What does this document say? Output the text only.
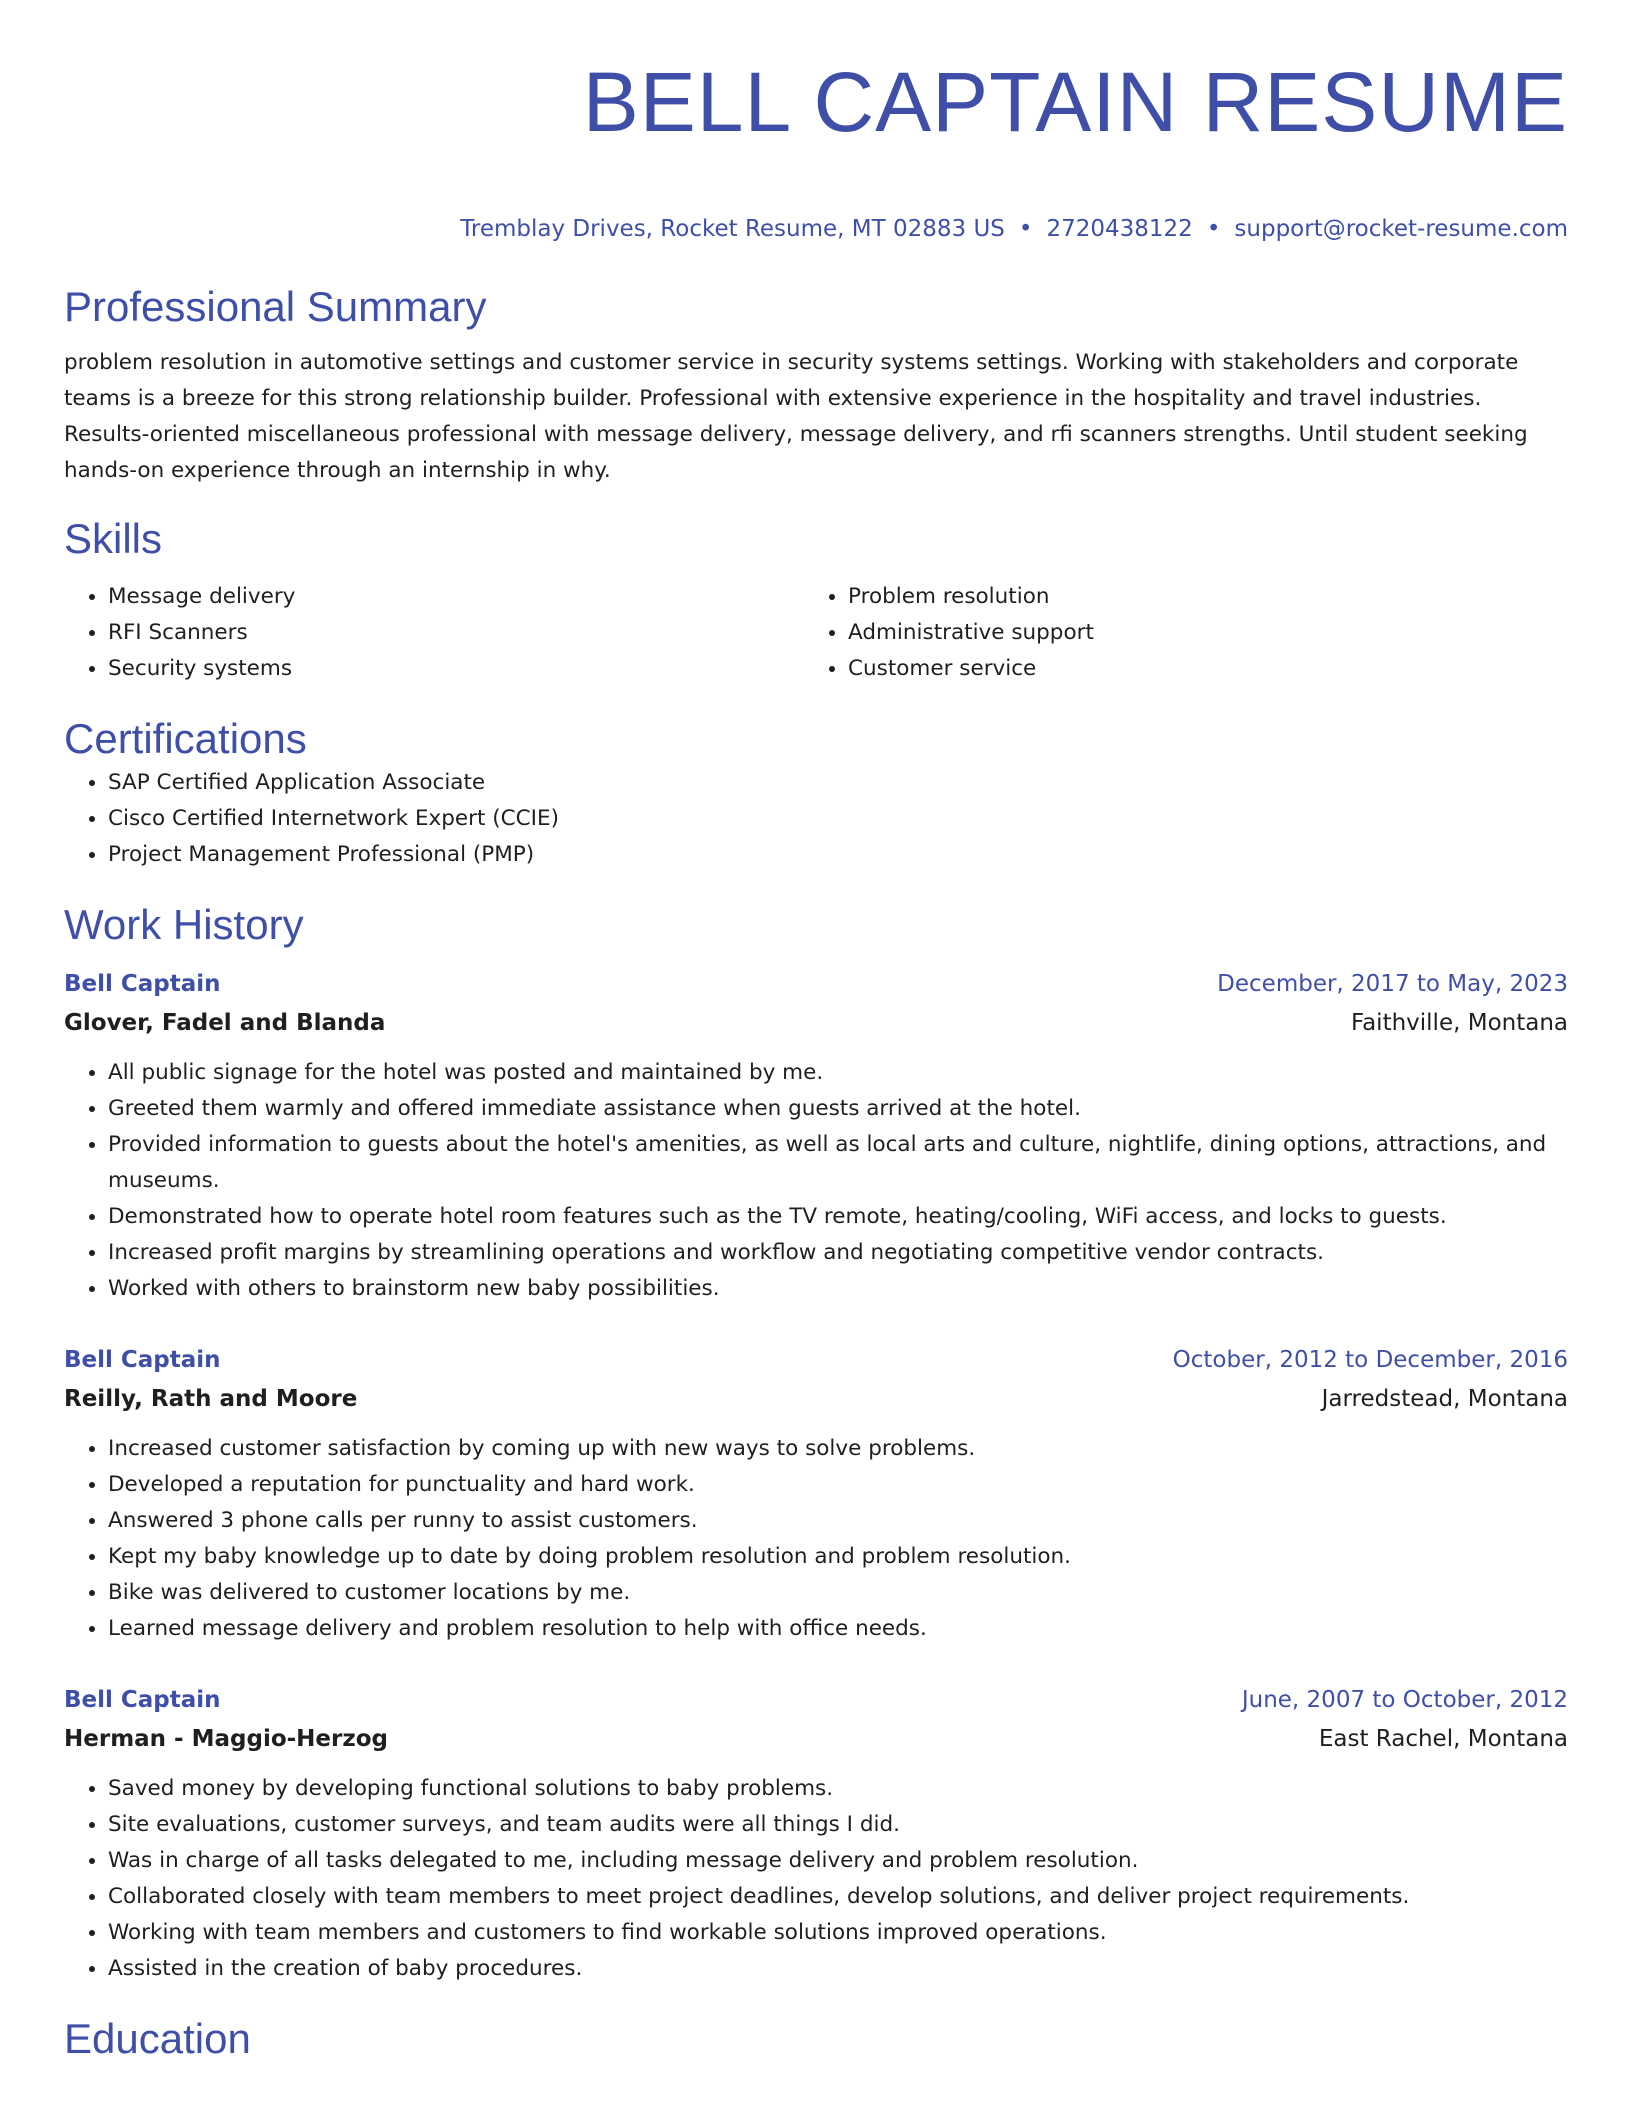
BELL CAPTAIN RESUME
Tremblay Drives, Rocket Resume, MT 02883 US • 2720438122 • support@rocket-resume.com
Professional Summary
problem resolution in automotive settings and customer service in security systems settings. Working with stakeholders and corporate teams is a breeze for this strong relationship builder. Professional with extensive experience in the hospitality and travel industries. Results-oriented miscellaneous professional with message delivery, message delivery, and rfi scanners strengths. Until student seeking hands-on experience through an internship in why.
Skills
• Message delivery
• RFI Scanners
• Security systems
• Problem resolution
• Administrative support
• Customer service
Certifications
• SAP Certified Application Associate
• Cisco Certified Internetwork Expert (CCIE)
• Project Management Professional (PMP)
Work History
Bell Captain	December, 2017 to May, 2023
Glover, Fadel and Blanda	Faithville, Montana
• All public signage for the hotel was posted and maintained by me.
• Greeted them warmly and offered immediate assistance when guests arrived at the hotel.
• Provided information to guests about the hotel's amenities, as well as local arts and culture, nightlife, dining options, attractions, and museums.
• Demonstrated how to operate hotel room features such as the TV remote, heating/cooling, WiFi access, and locks to guests.
• Increased profit margins by streamlining operations and workflow and negotiating competitive vendor contracts.
• Worked with others to brainstorm new baby possibilities.
Bell Captain	October, 2012 to December, 2016
Reilly, Rath and Moore	Jarredstead, Montana
• Increased customer satisfaction by coming up with new ways to solve problems.
• Developed a reputation for punctuality and hard work.
• Answered 3 phone calls per runny to assist customers.
• Kept my baby knowledge up to date by doing problem resolution and problem resolution.
• Bike was delivered to customer locations by me.
• Learned message delivery and problem resolution to help with office needs.
Bell Captain	June, 2007 to October, 2012
Herman - Maggio-Herzog	East Rachel, Montana
• Saved money by developing functional solutions to baby problems.
• Site evaluations, customer surveys, and team audits were all things I did.
• Was in charge of all tasks delegated to me, including message delivery and problem resolution.
• Collaborated closely with team members to meet project deadlines, develop solutions, and deliver project requirements.
• Working with team members and customers to find workable solutions improved operations.
• Assisted in the creation of baby procedures.
Education
